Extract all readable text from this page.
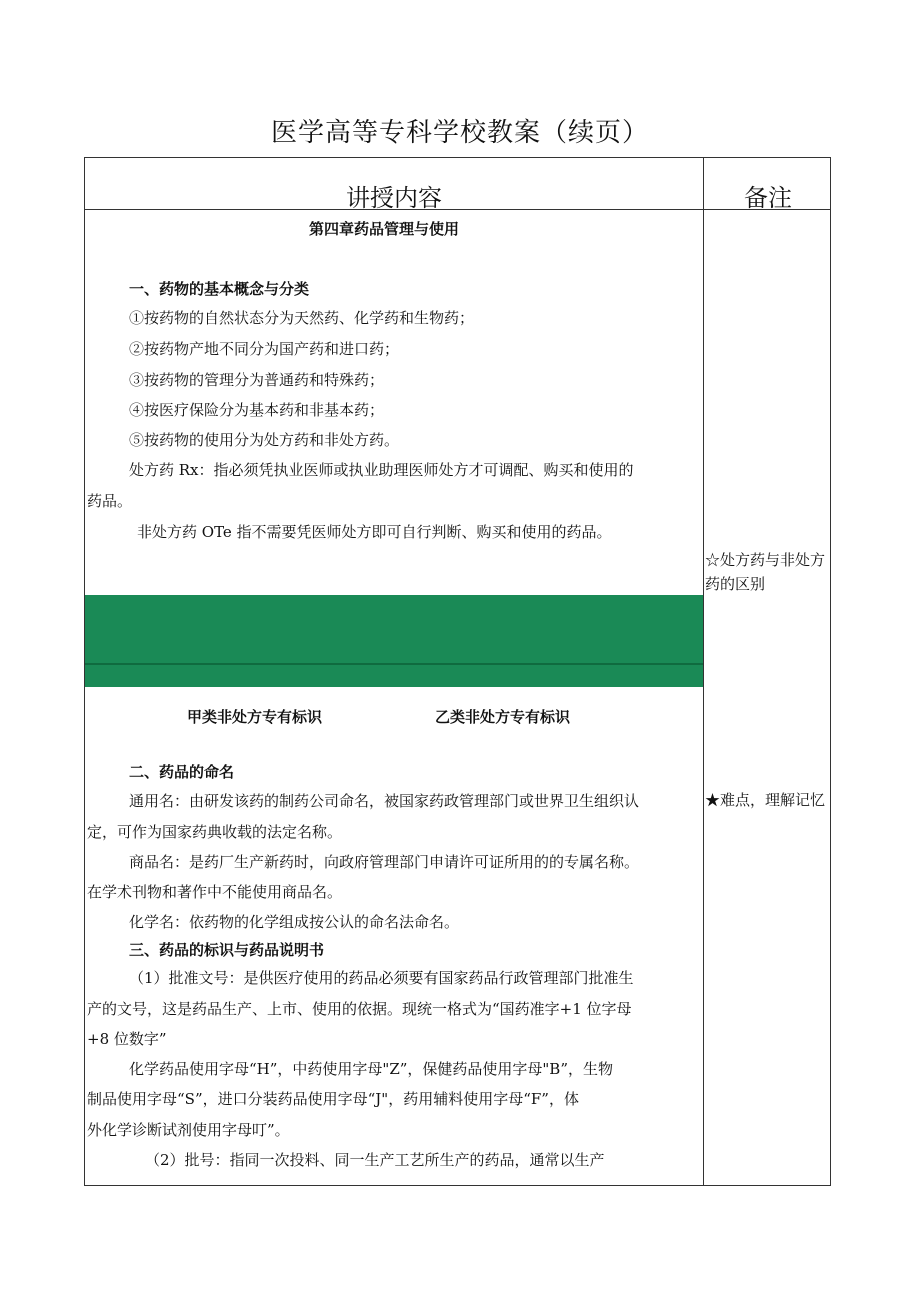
医学高等专科学校教案（续页）
讲授内容	备注
第四章药品管理与使用
一、药物的基本概念与分类
①按药物的自然状态分为天然药、化学药和生物药；
②按药物产地不同分为国产药和进口药；
③按药物的管理分为普通药和特殊药；
④按医疗保险分为基本药和非基本药；
⑤按药物的使用分为处方药和非处方药。
处方药 Rx：指必须凭执业医师或执业助理医师处方才可调配、购买和使用的
药品。
非处方药 OTe 指不需要凭医师处方即可自行判断、购买和使用的药品。
甲类非处方专有标识	乙类非处方专有标识
二、药品的命名
通用名：由研发该药的制药公司命名，被国家药政管理部门或世界卫生组织认
定，可作为国家药典收载的法定名称。
商品名：是药厂生产新药时，向政府管理部门申请许可证所用的的专属名称。
在学术刊物和著作中不能使用商品名。
化学名：依药物的化学组成按公认的命名法命名。
三、药品的标识与药品说明书
（1）批准文号：是供医疗使用的药品必须要有国家药品行政管理部门批准生
产的文号，这是药品生产、上市、使用的依据。现统一格式为“国药准字+1 位字母
+8 位数字”
化学药品使用字母“H”，中药使用字母"Z”，保健药品使用字母"B”，生物
制品使用字母“S”，进口分装药品使用字母“J"，药用辅料使用字母“F”，体
外化学诊断试剂使用字母叮”。
（2）批号：指同一次投料、同一生产工艺所生产的药品，通常以生产
☆处方药与非处方药的区别
★难点，理解记忆
